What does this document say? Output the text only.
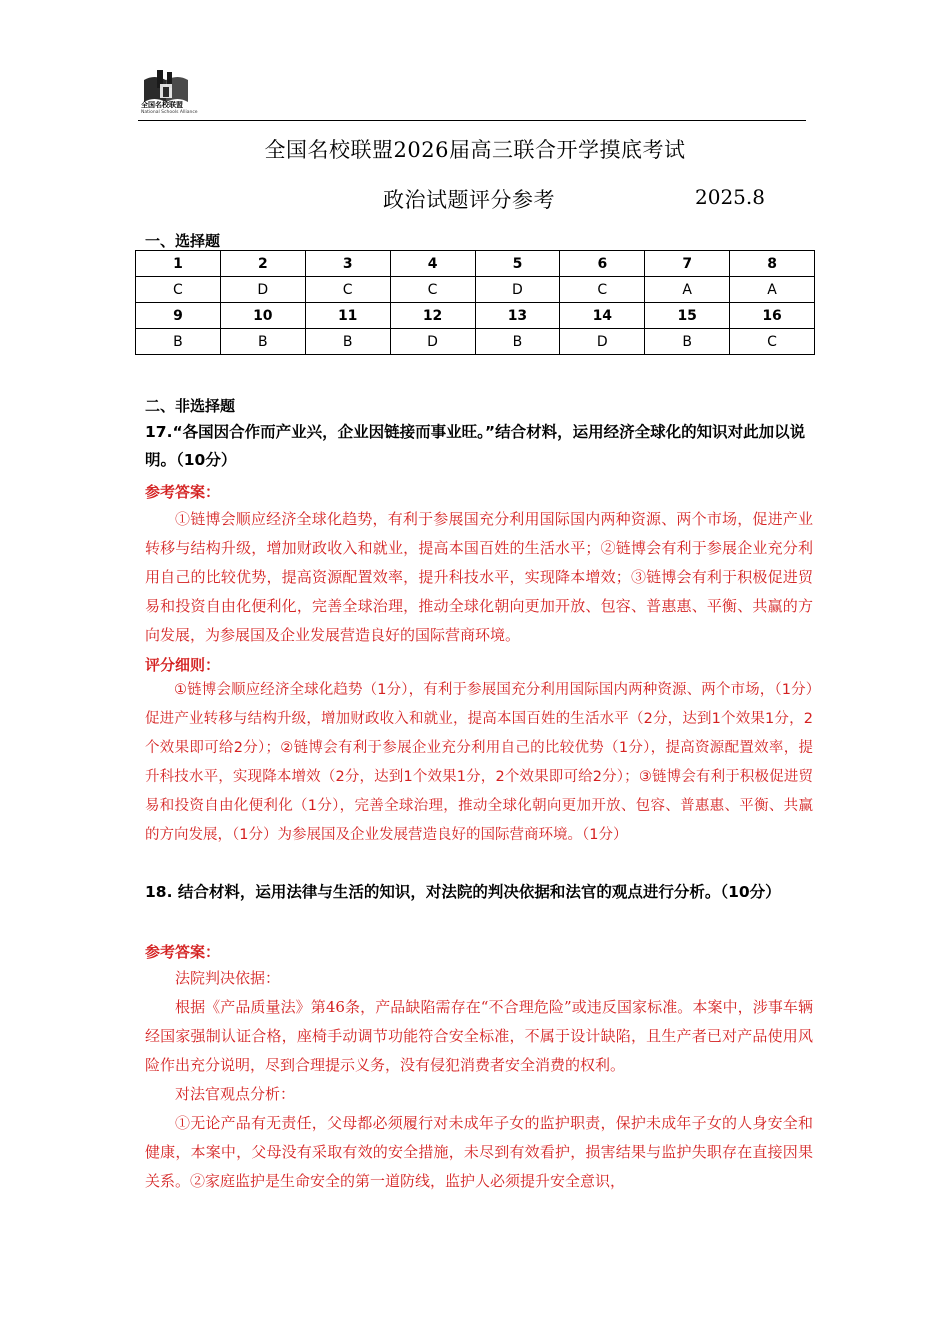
全国名校联盟
National Schools Alliance
全国名校联盟2026届高三联合开学摸底考试
政治试题评分参考	2025.8
一、选择题
1	2	3	4	5	6	7	8
C	D	C	C	D	C	A	A
9	10	11	12	13	14	15	16
B	B	B	D	B	D	B	C
二、非选择题
17.“各国因合作而产业兴，企业因链接而事业旺。”结合材料，运用经济全球化的知识对此加以说明。（10分）
参考答案：

①链博会顺应经济全球化趋势，有利于参展国充分利用国际国内两种资源、两个市场，促进产业转移与结构升级，增加财政收入和就业，提高本国百姓的生活水平；②链博会有利于参展企业充分利用自己的比较优势，提高资源配置效率，提升科技水平，实现降本增效；③链博会有利于积极促进贸易和投资自由化便利化，完善全球治理，推动全球化朝向更加开放、包容、普惠惠、平衡、共赢的方向发展，为参展国及企业发展营造良好的国际营商环境。

评分细则：

①链博会顺应经济全球化趋势（1分），有利于参展国充分利用国际国内两种资源、两个市场，（1分）促进产业转移与结构升级，增加财政收入和就业，提高本国百姓的生活水平（2分，达到1个效果1分，2个效果即可给2分）；②链博会有利于参展企业充分利用自己的比较优势（1分），提高资源配置效率，提升科技水平，实现降本增效（2分，达到1个效果1分，2个效果即可给2分）；③链博会有利于积极促进贸易和投资自由化便利化（1分），完善全球治理，推动全球化朝向更加开放、包容、普惠惠、平衡、共赢的方向发展，（1分）为参展国及企业发展营造良好的国际营商环境。（1分）

18. 结合材料，运用法律与生活的知识，对法院的判决依据和法官的观点进行分析。（10分）
参考答案：

法院判决依据：

根据《产品质量法》第46条，产品缺陷需存在“不合理危险”或违反国家标准。本案中，涉事车辆经国家强制认证合格，座椅手动调节功能符合安全标准，不属于设计缺陷，且生产者已对产品使用风险作出充分说明，尽到合理提示义务，没有侵犯消费者安全消费的权利。

对法官观点分析：

①无论产品有无责任，父母都必须履行对未成年子女的监护职责，保护未成年子女的人身安全和健康，本案中，父母没有采取有效的安全措施，未尽到有效看护，损害结果与监护失职存在直接因果关系。②家庭监护是生命安全的第一道防线，监护人必须提升安全意识，
